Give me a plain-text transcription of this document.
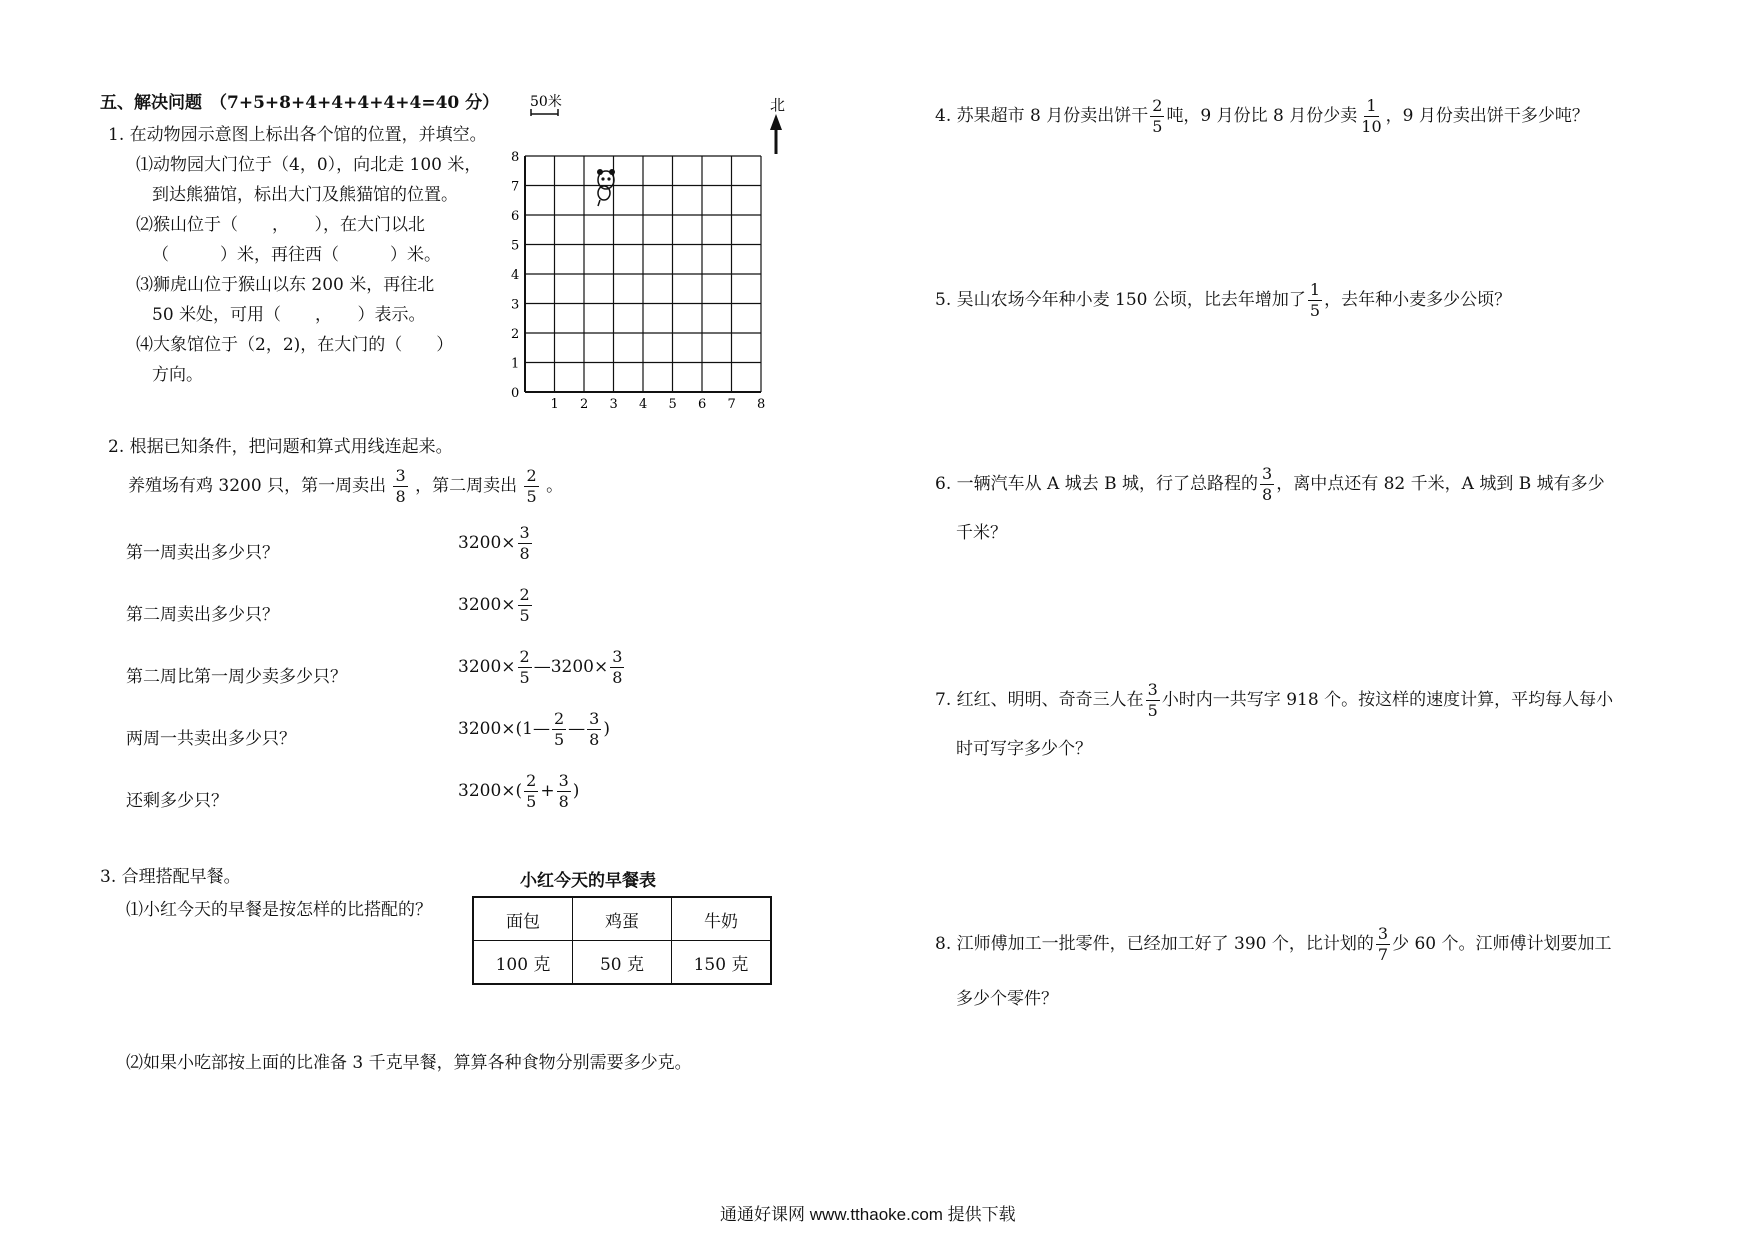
五、解决问题 （7+5+8+4+4+4+4+4=40 分）
1. 在动物园示意图上标出各个馆的位置，并填空。
⑴动物园大门位于（4，0），向北走 100 米，
到达熊猫馆，标出大门及熊猫馆的位置。
⑵猴山位于（　　，　　），在大门以北
（　　　）米，再往西（　　　）米。
⑶狮虎山位于猴山以东 200 米，再往北
50 米处，可用（　　，　　）表示。
⑷大象馆位于（2，2)，在大门的（　　）
方向。
0
1
2
3
4
5
6
7
8
1 2 3 4 5 6 7 8
50米	北
2. 根据已知条件，把问题和算式用线连起来。
养殖场有鸡 3200 只，第一周卖出 $\frac{3}{8}$ ，第二周卖出 $\frac{2}{5}$ 。
第一周卖出多少只？
第二周卖出多少只？
第二周比第一周少卖多少只？
两周一共卖出多少只？
还剩多少只？
$3200\times \frac{3}{8}$
$3200\times \frac{2}{5}$
$3200\times \frac{2}{5}$ —3200× $\frac{3}{8}$
3200×(1— $\frac{2}{5}$ — $\frac{3}{8}$ )
$3200\times( \frac{2}{5} + \frac{3}{8}$ )
3. 合理搭配早餐。
⑴小红今天的早餐是按怎样的比搭配的？
小红今天的早餐表
面包	鸡蛋	牛奶
100 克	50 克	150 克
⑵如果小吃部按上面的比准备 3 千克早餐，算算各种食物分别需要多少克。
4. 苏果超市 8 月份卖出饼干 $\frac{2}{5}$ 吨，9 月份比 8 月份少卖 $\frac{1}{10}$ ，9 月份卖出饼干多少吨？
5. 吴山农场今年种小麦 150 公顷，比去年增加了 $\frac{1}{5}$ ，去年种小麦多少公顷？
6. 一辆汽车从 A 城去 B 城，行了总路程的 $\frac{3}{8}$ ，离中点还有 82 千米，A 城到 B 城有多少
千米？
7. 红红、明明、奇奇三人在 $\frac{3}{5}$ 小时内一共写字 918 个。按这样的速度计算，平均每人每小
时可写字多少个？
8. 江师傅加工一批零件，已经加工好了 390 个，比计划的 $\frac{3}{7}$ 少 60 个。江师傅计划要加工
多少个零件？
通通好课网 www.tthaoke.com 提供下载
